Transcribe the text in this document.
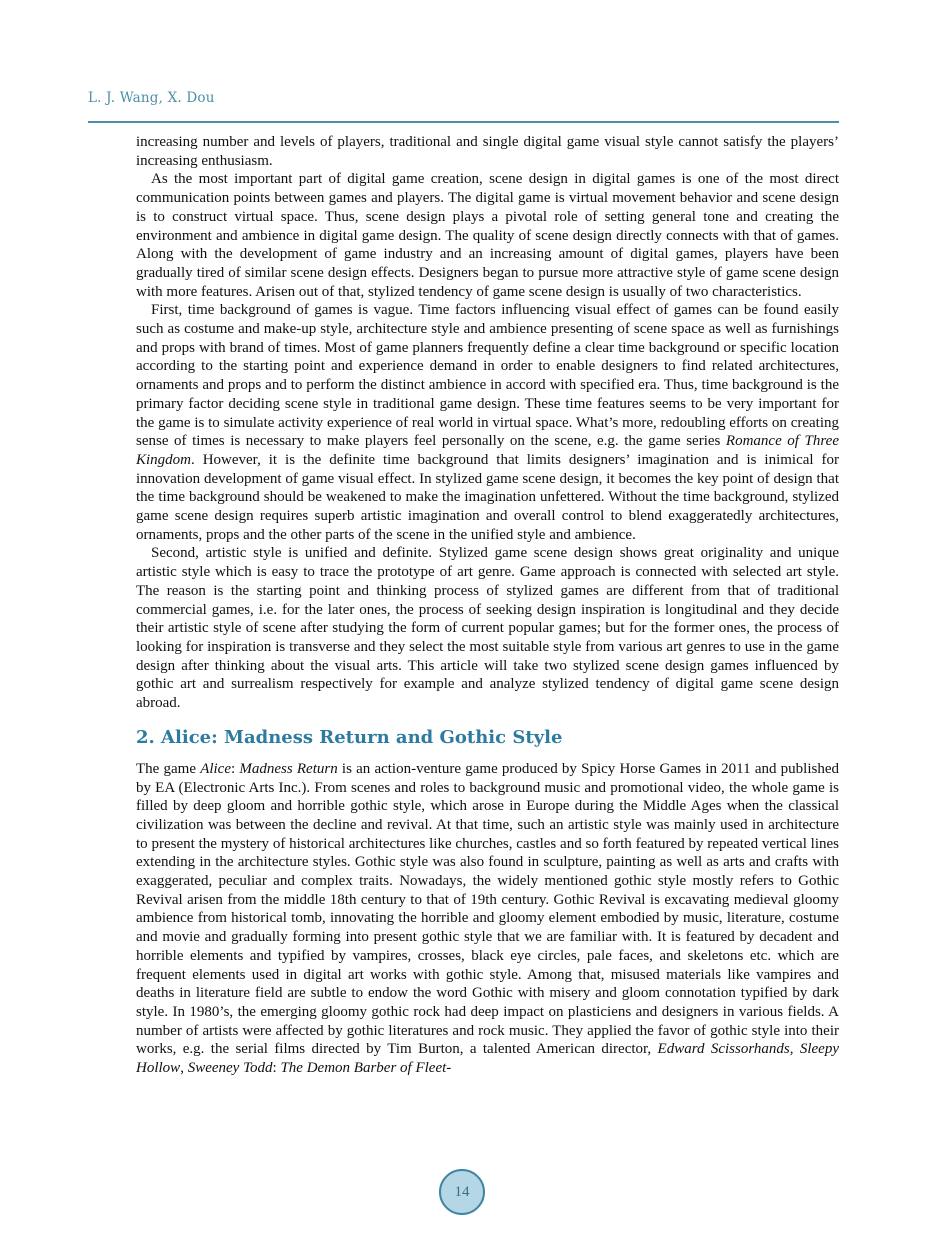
L. J. Wang, X. Dou

increasing number and levels of players, traditional and single digital game visual style cannot satisfy the players’ increasing enthusiasm.

As the most important part of digital game creation, scene design in digital games is one of the most direct communication points between games and players. The digital game is virtual movement behavior and scene design is to construct virtual space. Thus, scene design plays a pivotal role of setting general tone and creating the environment and ambience in digital game design. The quality of scene design directly connects with that of games. Along with the development of game industry and an increasing amount of digital games, players have been gradually tired of similar scene design effects. Designers began to pursue more attractive style of game scene design with more features. Arisen out of that, stylized tendency of game scene design is usually of two characteristics.

First, time background of games is vague. Time factors influencing visual effect of games can be found easily such as costume and make-up style, architecture style and ambience presenting of scene space as well as furnishings and props with brand of times. Most of game planners frequently define a clear time background or specific location according to the starting point and experience demand in order to enable designers to find related architectures, ornaments and props and to perform the distinct ambience in accord with specified era. Thus, time background is the primary factor deciding scene style in traditional game design. These time features seems to be very important for the game is to simulate activity experience of real world in virtual space. What’s more, redoubling efforts on creating sense of times is necessary to make players feel personally on the scene, e.g. the game series Romance of Three Kingdom. However, it is the definite time background that limits designers’ imagination and is inimical for innovation development of game visual effect. In stylized game scene design, it becomes the key point of design that the time background should be weakened to make the imagination unfettered. Without the time background, stylized game scene design requires superb artistic imagination and overall control to blend exaggeratedly architectures, ornaments, props and the other parts of the scene in the unified style and ambience.

Second, artistic style is unified and definite. Stylized game scene design shows great originality and unique artistic style which is easy to trace the prototype of art genre. Game approach is connected with selected art style. The reason is the starting point and thinking process of stylized games are different from that of traditional commercial games, i.e. for the later ones, the process of seeking design inspiration is longitudinal and they decide their artistic style of scene after studying the form of current popular games; but for the former ones, the process of looking for inspiration is transverse and they select the most suitable style from various art genres to use in the game design after thinking about the visual arts. This article will take two stylized scene design games influenced by gothic art and surrealism respectively for example and analyze stylized tendency of digital game scene design abroad.

2. Alice: Madness Return and Gothic Style

The game Alice: Madness Return is an action-venture game produced by Spicy Horse Games in 2011 and published by EA (Electronic Arts Inc.). From scenes and roles to background music and promotional video, the whole game is filled by deep gloom and horrible gothic style, which arose in Europe during the Middle Ages when the classical civilization was between the decline and revival. At that time, such an artistic style was mainly used in architecture to present the mystery of historical architectures like churches, castles and so forth featured by repeated vertical lines extending in the architecture styles. Gothic style was also found in sculpture, painting as well as arts and crafts with exaggerated, peculiar and complex traits. Nowadays, the widely mentioned gothic style mostly refers to Gothic Revival arisen from the middle 18th century to that of 19th century. Gothic Revival is excavating medieval gloomy ambience from historical tomb, innovating the horrible and gloomy element embodied by music, literature, costume and movie and gradually forming into present gothic style that we are familiar with. It is featured by decadent and horrible elements and typified by vampires, crosses, black eye circles, pale faces, and skeletons etc. which are frequent elements used in digital art works with gothic style. Among that, misused materials like vampires and deaths in literature field are subtle to endow the word Gothic with misery and gloom connotation typified by dark style. In 1980’s, the emerging gloomy gothic rock had deep impact on plasticiens and designers in various fields. A number of artists were affected by gothic literatures and rock music. They applied the favor of gothic style into their works, e.g. the serial films directed by Tim Burton, a talented American director, Edward Scissorhands, Sleepy Hollow, Sweeney Todd: The Demon Barber of Fleet-

14
